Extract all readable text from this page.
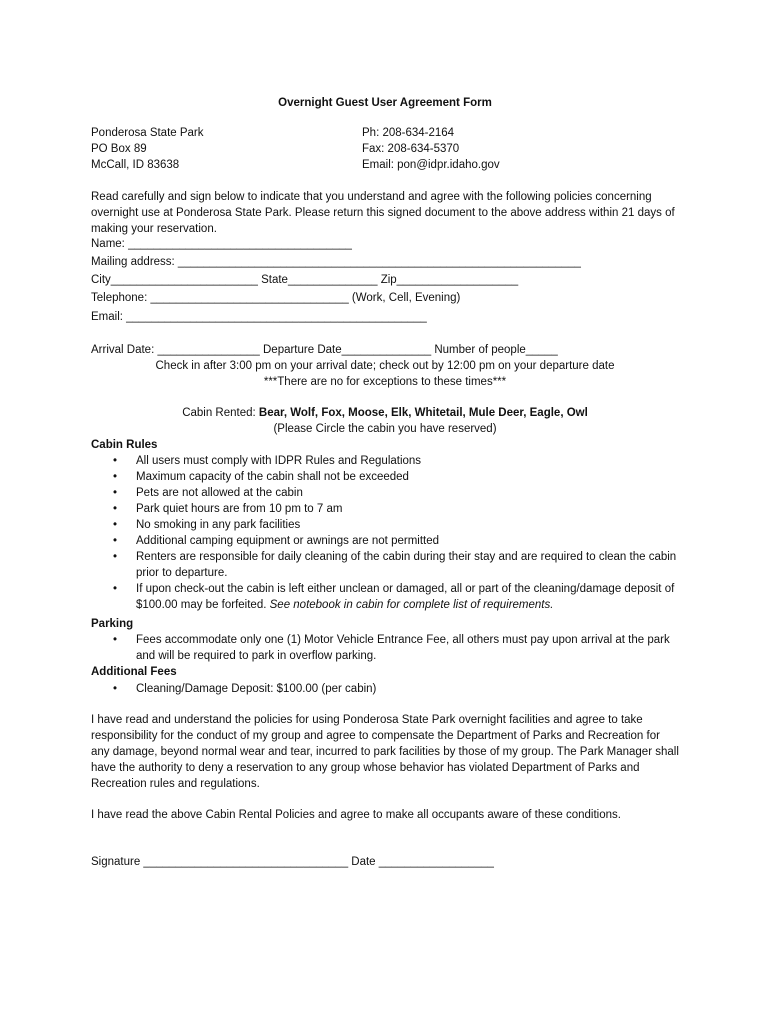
Overnight Guest User Agreement Form
Ponderosa State Park
PO Box 89
McCall, ID 83638
Ph: 208-634-2164
Fax: 208-634-5370
Email: pon@idpr.idaho.gov
Read carefully and sign below to indicate that you understand and agree with the following policies concerning overnight use at Ponderosa State Park. Please return this signed document to the above address within 21 days of making your reservation.
Name: ___________________________________
Mailing address: _______________________________________________________________
City_______________________ State______________ Zip___________________
Telephone: _______________________________ (Work, Cell, Evening)
Email: _______________________________________________
Arrival Date: ________________ Departure Date______________ Number of people_____
Check in after 3:00 pm on your arrival date; check out by 12:00 pm on your departure date
***There are no for exceptions to these times***
Cabin Rented: Bear, Wolf, Fox, Moose, Elk, Whitetail, Mule Deer, Eagle, Owl
(Please Circle the cabin you have reserved)
Cabin Rules
• All users must comply with IDPR Rules and Regulations
• Maximum capacity of the cabin shall not be exceeded
• Pets are not allowed at the cabin
• Park quiet hours are from 10 pm to 7 am
• No smoking in any park facilities
• Additional camping equipment or awnings are not permitted
• Renters are responsible for daily cleaning of the cabin during their stay and are required to clean the cabin prior to departure.
• If upon check-out the cabin is left either unclean or damaged, all or part of the cleaning/damage deposit of $100.00 may be forfeited. See notebook in cabin for complete list of requirements.
Parking
• Fees accommodate only one (1) Motor Vehicle Entrance Fee, all others must pay upon arrival at the park and will be required to park in overflow parking.
Additional Fees
• Cleaning/Damage Deposit: $100.00 (per cabin)
I have read and understand the policies for using Ponderosa State Park overnight facilities and agree to take responsibility for the conduct of my group and agree to compensate the Department of Parks and Recreation for any damage, beyond normal wear and tear, incurred to park facilities by those of my group. The Park Manager shall have the authority to deny a reservation to any group whose behavior has violated Department of Parks and Recreation rules and regulations.
I have read the above Cabin Rental Policies and agree to make all occupants aware of these conditions.
Signature ________________________________ Date __________________
